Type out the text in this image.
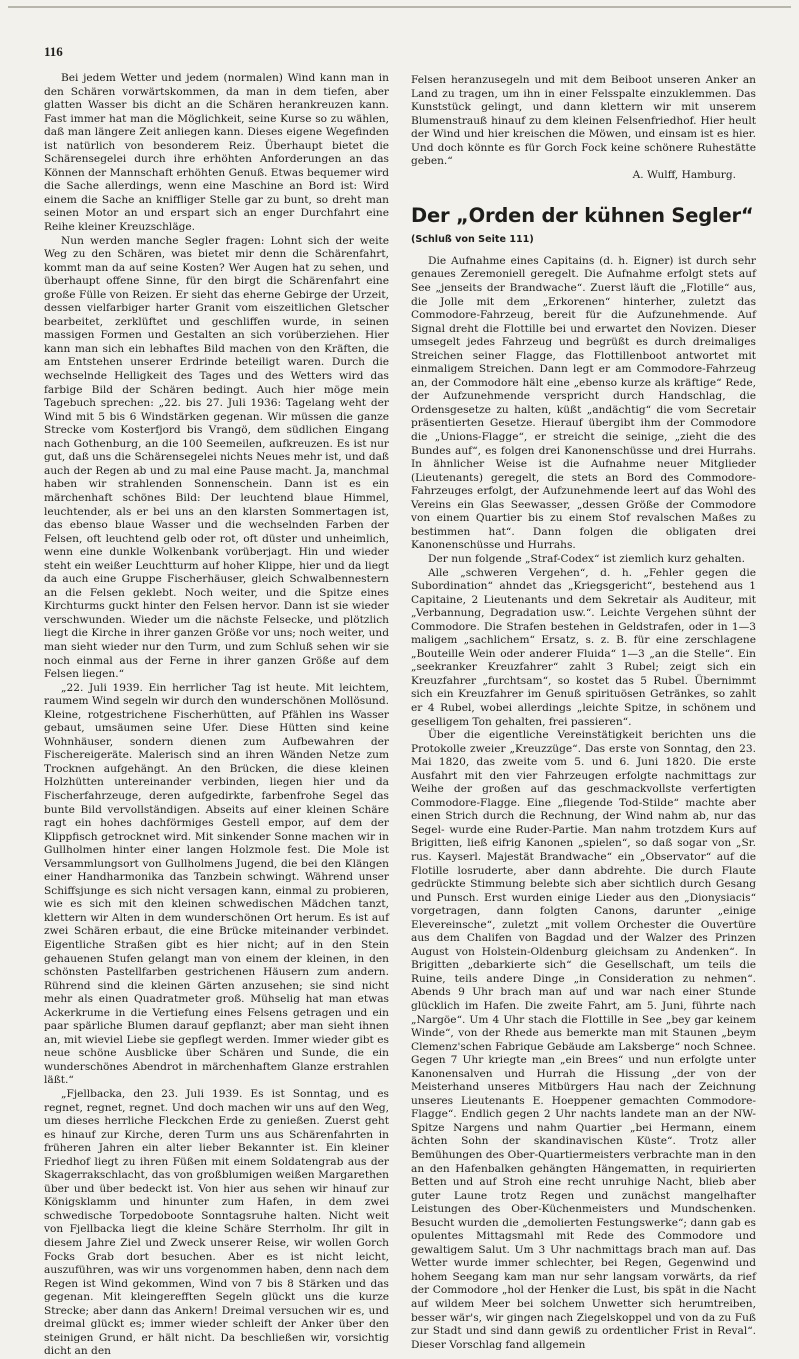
116

Bei jedem Wetter und jedem (normalen) Wind kann man in den Schären vorwärtskommen, da man in dem tiefen, aber glatten Wasser bis dicht an die Schären herankreuzen kann. Fast immer hat man die Möglichkeit, seine Kurse so zu wählen, daß man längere Zeit anliegen kann. Dieses eigene Wegefinden ist natürlich von besonderem Reiz. Überhaupt bietet die Schärensegelei durch ihre erhöhten Anforderungen an das Können der Mannschaft erhöhten Genuß. Etwas bequemer wird die Sache allerdings, wenn eine Maschine an Bord ist: Wird einem die Sache an kniffliger Stelle gar zu bunt, so dreht man seinen Motor an und erspart sich an enger Durchfahrt eine Reihe kleiner Kreuzschläge.

Nun werden manche Segler fragen: Lohnt sich der weite Weg zu den Schären, was bietet mir denn die Schärenfahrt, kommt man da auf seine Kosten? Wer Augen hat zu sehen, und überhaupt offene Sinne, für den birgt die Schärenfahrt eine große Fülle von Reizen. Er sieht das eherne Gebirge der Urzeit, dessen vielfarbiger harter Granit vom eiszeitlichen Gletscher bearbeitet, zerklüftet und geschliffen wurde, in seinen massigen Formen und Gestalten an sich vorüberziehen. Hier kann man sich ein lebhaftes Bild machen von den Kräften, die am Entstehen unserer Erdrinde beteiligt waren. Durch die wechselnde Helligkeit des Tages und des Wetters wird das farbige Bild der Schären bedingt. Auch hier möge mein Tagebuch sprechen: „22. bis 27. Juli 1936: Tagelang weht der Wind mit 5 bis 6 Windstärken gegenan. Wir müssen die ganze Strecke vom Kosterfjord bis Vrangö, dem südlichen Eingang nach Gothenburg, an die 100 Seemeilen, aufkreuzen. Es ist nur gut, daß uns die Schärensegelei nichts Neues mehr ist, und daß auch der Regen ab und zu mal eine Pause macht. Ja, manchmal haben wir strahlenden Sonnenschein. Dann ist es ein märchenhaft schönes Bild: Der leuchtend blaue Himmel, leuchtender, als er bei uns an den klarsten Sommertagen ist, das ebenso blaue Wasser und die wechselnden Farben der Felsen, oft leuchtend gelb oder rot, oft düster und unheimlich, wenn eine dunkle Wolkenbank vorüberjagt. Hin und wieder steht ein weißer Leuchtturm auf hoher Klippe, hier und da liegt da auch eine Gruppe Fischerhäuser, gleich Schwalbennestern an die Felsen geklebt. Noch weiter, und die Spitze eines Kirchturms guckt hinter den Felsen hervor. Dann ist sie wieder verschwunden. Wieder um die nächste Felsecke, und plötzlich liegt die Kirche in ihrer ganzen Größe vor uns; noch weiter, und man sieht wieder nur den Turm, und zum Schluß sehen wir sie noch einmal aus der Ferne in ihrer ganzen Größe auf dem Felsen liegen.“

„22. Juli 1939. Ein herrlicher Tag ist heute. Mit leichtem, raumem Wind segeln wir durch den wunderschönen Mollösund. Kleine, rotgestrichene Fischerhütten, auf Pfählen ins Wasser gebaut, umsäumen seine Ufer. Diese Hütten sind keine Wohnhäuser, sondern dienen zum Aufbewahren der Fischereigeräte. Malerisch sind an ihren Wänden Netze zum Trocknen aufgehängt. An den Brücken, die diese kleinen Holzhütten untereinander verbinden, liegen hier und da Fischerfahrzeuge, deren aufgedirkte, farbenfrohe Segel das bunte Bild vervollständigen. Abseits auf einer kleinen Schäre ragt ein hohes dachförmiges Gestell empor, auf dem der Klippfisch getrocknet wird. Mit sinkender Sonne machen wir in Gullholmen hinter einer langen Holzmole fest. Die Mole ist Versammlungsort von Gullholmens Jugend, die bei den Klängen einer Handharmonika das Tanzbein schwingt. Während unser Schiffsjunge es sich nicht versagen kann, einmal zu probieren, wie es sich mit den kleinen schwedischen Mädchen tanzt, klettern wir Alten in dem wunderschönen Ort herum. Es ist auf zwei Schären erbaut, die eine Brücke miteinander verbindet. Eigentliche Straßen gibt es hier nicht; auf in den Stein gehauenen Stufen gelangt man von einem der kleinen, in den schönsten Pastellfarben gestrichenen Häusern zum andern. Rührend sind die kleinen Gärten anzusehen; sie sind nicht mehr als einen Quadratmeter groß. Mühselig hat man etwas Ackerkrume in die Vertiefung eines Felsens getragen und ein paar spärliche Blumen darauf gepflanzt; aber man sieht ihnen an, mit wieviel Liebe sie gepflegt werden. Immer wieder gibt es neue schöne Ausblicke über Schären und Sunde, die ein wunderschönes Abendrot in märchenhaftem Glanze erstrahlen läßt.“

„Fjellbacka, den 23. Juli 1939. Es ist Sonntag, und es regnet, regnet, regnet. Und doch machen wir uns auf den Weg, um dieses herrliche Fleckchen Erde zu genießen. Zuerst geht es hinauf zur Kirche, deren Turm uns aus Schärenfahrten in früheren Jahren ein alter lieber Bekannter ist. Ein kleiner Friedhof liegt zu ihren Füßen mit einem Soldatengrab aus der Skagerrakschlacht, das von großblumigen weißen Margarethen über und über bedeckt ist. Von hier aus sehen wir hinauf zur Königsklamm und hinunter zum Hafen, in dem zwei schwedische Torpedoboote Sonntagsruhe halten. Nicht weit von Fjellbacka liegt die kleine Schäre Sterrholm. Ihr gilt in diesem Jahre Ziel und Zweck unserer Reise, wir wollen Gorch Focks Grab dort besuchen. Aber es ist nicht leicht, auszuführen, was wir uns vorgenommen haben, denn nach dem Regen ist Wind gekommen, Wind von 7 bis 8 Stärken und das gegenan. Mit kleingerefften Segeln glückt uns die kurze Strecke; aber dann das Ankern! Dreimal versuchen wir es, und dreimal glückt es; immer wieder schleift der Anker über den steinigen Grund, er hält nicht. Da beschließen wir, vorsichtig dicht an den

Felsen heranzusegeln und mit dem Beiboot unseren Anker an Land zu tragen, um ihn in einer Felsspalte einzuklemmen. Das Kunststück gelingt, und dann klettern wir mit unserem Blumenstrauß hinauf zu dem kleinen Felsenfriedhof. Hier heult der Wind und hier kreischen die Möwen, und einsam ist es hier. Und doch könnte es für Gorch Fock keine schönere Ruhestätte geben.“

A. Wulff, Hamburg.

Der „Orden der kühnen Segler“
(Schluß von Seite 111)

Die Aufnahme eines Capitains (d. h. Eigner) ist durch sehr genaues Zeremoniell geregelt. Die Aufnahme erfolgt stets auf See „jenseits der Brandwache“. Zuerst läuft die „Flotille“ aus, die Jolle mit dem „Erkorenen“ hinterher, zuletzt das Commodore-Fahrzeug, bereit für die Aufzunehmende. Auf Signal dreht die Flottille bei und erwartet den Novizen. Dieser umsegelt jedes Fahrzeug und begrüßt es durch dreimaliges Streichen seiner Flagge, das Flottillenboot antwortet mit einmaligem Streichen. Dann legt er am Commodore-Fahrzeug an, der Commodore hält eine „ebenso kurze als kräftige“ Rede, der Aufzunehmende verspricht durch Handschlag, die Ordensgesetze zu halten, küßt „andächtig“ die vom Secretair präsentierten Gesetze. Hierauf übergibt ihm der Commodore die „Unions-Flagge“, er streicht die seinige, „zieht die des Bundes auf“, es folgen drei Kanonenschüsse und drei Hurrahs. In ähnlicher Weise ist die Aufnahme neuer Mitglieder (Lieutenants) geregelt, die stets an Bord des Commodore-Fahrzeuges erfolgt, der Aufzunehmende leert auf das Wohl des Vereins ein Glas Seewasser, „dessen Größe der Commodore von einem Quartier bis zu einem Stof revalschen Maßes zu bestimmen hat“. Dann folgen die obligaten drei Kanonenschüsse und Hurrahs.

Der nun folgende „Straf-Codex“ ist ziemlich kurz gehalten.

Alle „schweren Vergehen“, d. h. „Fehler gegen die Subordination“ ahndet das „Kriegsgericht“, bestehend aus 1 Capitaine, 2 Lieutenants und dem Sekretair als Auditeur, mit „Verbannung, Degradation usw.“. Leichte Vergehen sühnt der Commodore. Die Strafen bestehen in Geldstrafen, oder in 1—3 maligem „sachlichem“ Ersatz, s. z. B. für eine zerschlagene „Bouteille Wein oder anderer Fluida“ 1—3 „an die Stelle“. Ein „seekranker Kreuzfahrer“ zahlt 3 Rubel; zeigt sich ein Kreuzfahrer „furchtsam“, so kostet das 5 Rubel. Übernimmt sich ein Kreuzfahrer im Genuß spirituösen Getränkes, so zahlt er 4 Rubel, wobei allerdings „leichte Spitze, in schönem und geselligem Ton gehalten, frei passieren“.

Über die eigentliche Vereinstätigkeit berichten uns die Protokolle zweier „Kreuzzüge“. Das erste von Sonntag, den 23. Mai 1820, das zweite vom 5. und 6. Juni 1820. Die erste Ausfahrt mit den vier Fahrzeugen erfolgte nachmittags zur Weihe der großen auf das geschmackvollste verfertigten Commodore-Flagge. Eine „fliegende Tod-Stilde“ machte aber einen Strich durch die Rechnung, der Wind nahm ab, nur das Segel- wurde eine Ruder-Partie. Man nahm trotzdem Kurs auf Brigitten, ließ eifrig Kanonen „spielen“, so daß sogar von „Sr. rus. Kayserl. Majestät Brandwache“ ein „Observator“ auf die Flotille losruderte, aber dann abdrehte. Die durch Flaute gedrückte Stimmung belebte sich aber sichtlich durch Gesang und Punsch. Erst wurden einige Lieder aus den „Dionysiacis“ vorgetragen, dann folgten Canons, darunter „einige Elevereinsche“, zuletzt „mit vollem Orchester die Ouvertüre aus dem Chalifen von Bagdad und der Walzer des Prinzen August von Holstein-Oldenburg gleichsam zu Andenken“. In Brigitten „debarkierte sich“ die Gesellschaft, um teils die Ruine, teils andere Dinge „in Consideration zu nehmen“. Abends 9 Uhr brach man auf und war nach einer Stunde glücklich im Hafen. Die zweite Fahrt, am 5. Juni, führte nach „Nargöe“. Um 4 Uhr stach die Flottille in See „bey gar keinem Winde“, von der Rhede aus bemerkte man mit Staunen „beym Clemenz'schen Fabrique Gebäude am Laksberge“ noch Schnee. Gegen 7 Uhr kriegte man „ein Brees“ und nun erfolgte unter Kanonensalven und Hurrah die Hissung „der von der Meisterhand unseres Mitbürgers Hau nach der Zeichnung unseres Lieutenants E. Hoeppener gemachten Commodore-Flagge“. Endlich gegen 2 Uhr nachts landete man an der NW-Spitze Nargens und nahm Quartier „bei Hermann, einem ächten Sohn der skandinavischen Küste“. Trotz aller Bemühungen des Ober-Quartiermeisters verbrachte man in den an den Hafenbalken gehängten Hängematten, in requirierten Betten und auf Stroh eine recht unruhige Nacht, blieb aber guter Laune trotz Regen und zunächst mangelhafter Leistungen des Ober-Küchenmeisters und Mundschenken. Besucht wurden die „demolierten Festungswerke“; dann gab es opulentes Mittagsmahl mit Rede des Commodore und gewaltigem Salut. Um 3 Uhr nachmittags brach man auf. Das Wetter wurde immer schlechter, bei Regen, Gegenwind und hohem Seegang kam man nur sehr langsam vorwärts, da rief der Commodore „hol der Henker die Lust, bis spät in die Nacht auf wildem Meer bei solchem Unwetter sich herumtreiben, besser wär's, wir gingen nach Ziegelskoppel und von da zu Fuß zur Stadt und sind dann gewiß zu ordentlicher Frist in Reval“. Dieser Vorschlag fand allgemein
